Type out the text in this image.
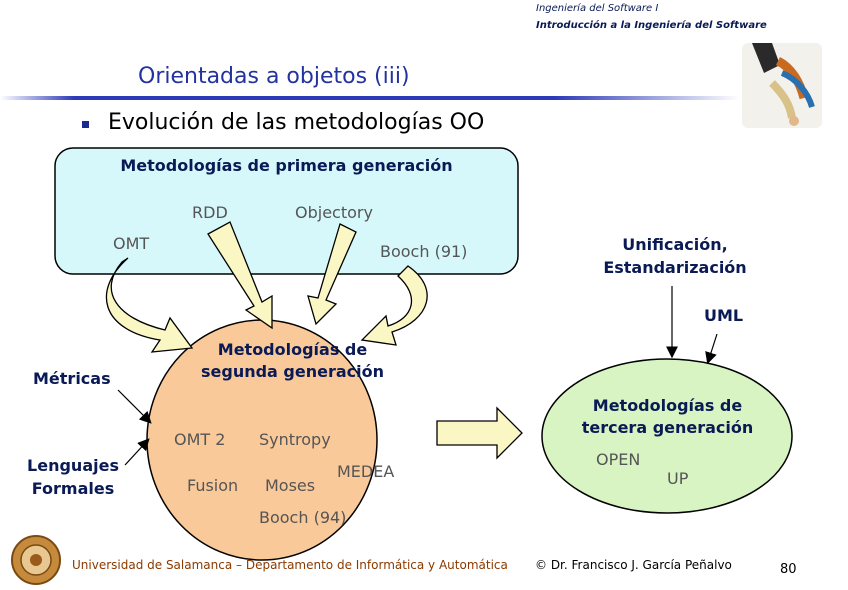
Ingeniería del Software I
Introducción a la Ingeniería del Software
Orientadas a objetos (iii)
Evolución de las metodologías OO
Metodologías de primera generación
OMT
RDD	Objectory
Booch (91)
Metodologías de
segunda generación
OMT 2 Syntropy
Fusion Moses
MEDEA
Booch (94)
Metodologías de
tercera generación
OPEN
UP
Métricas
Lenguajes
Formales
Unificación,
Estandarización
UML
Universidad de Salamanca – Departamento de Informática y Automática © Dr. Francisco J. García Peñalvo	80
